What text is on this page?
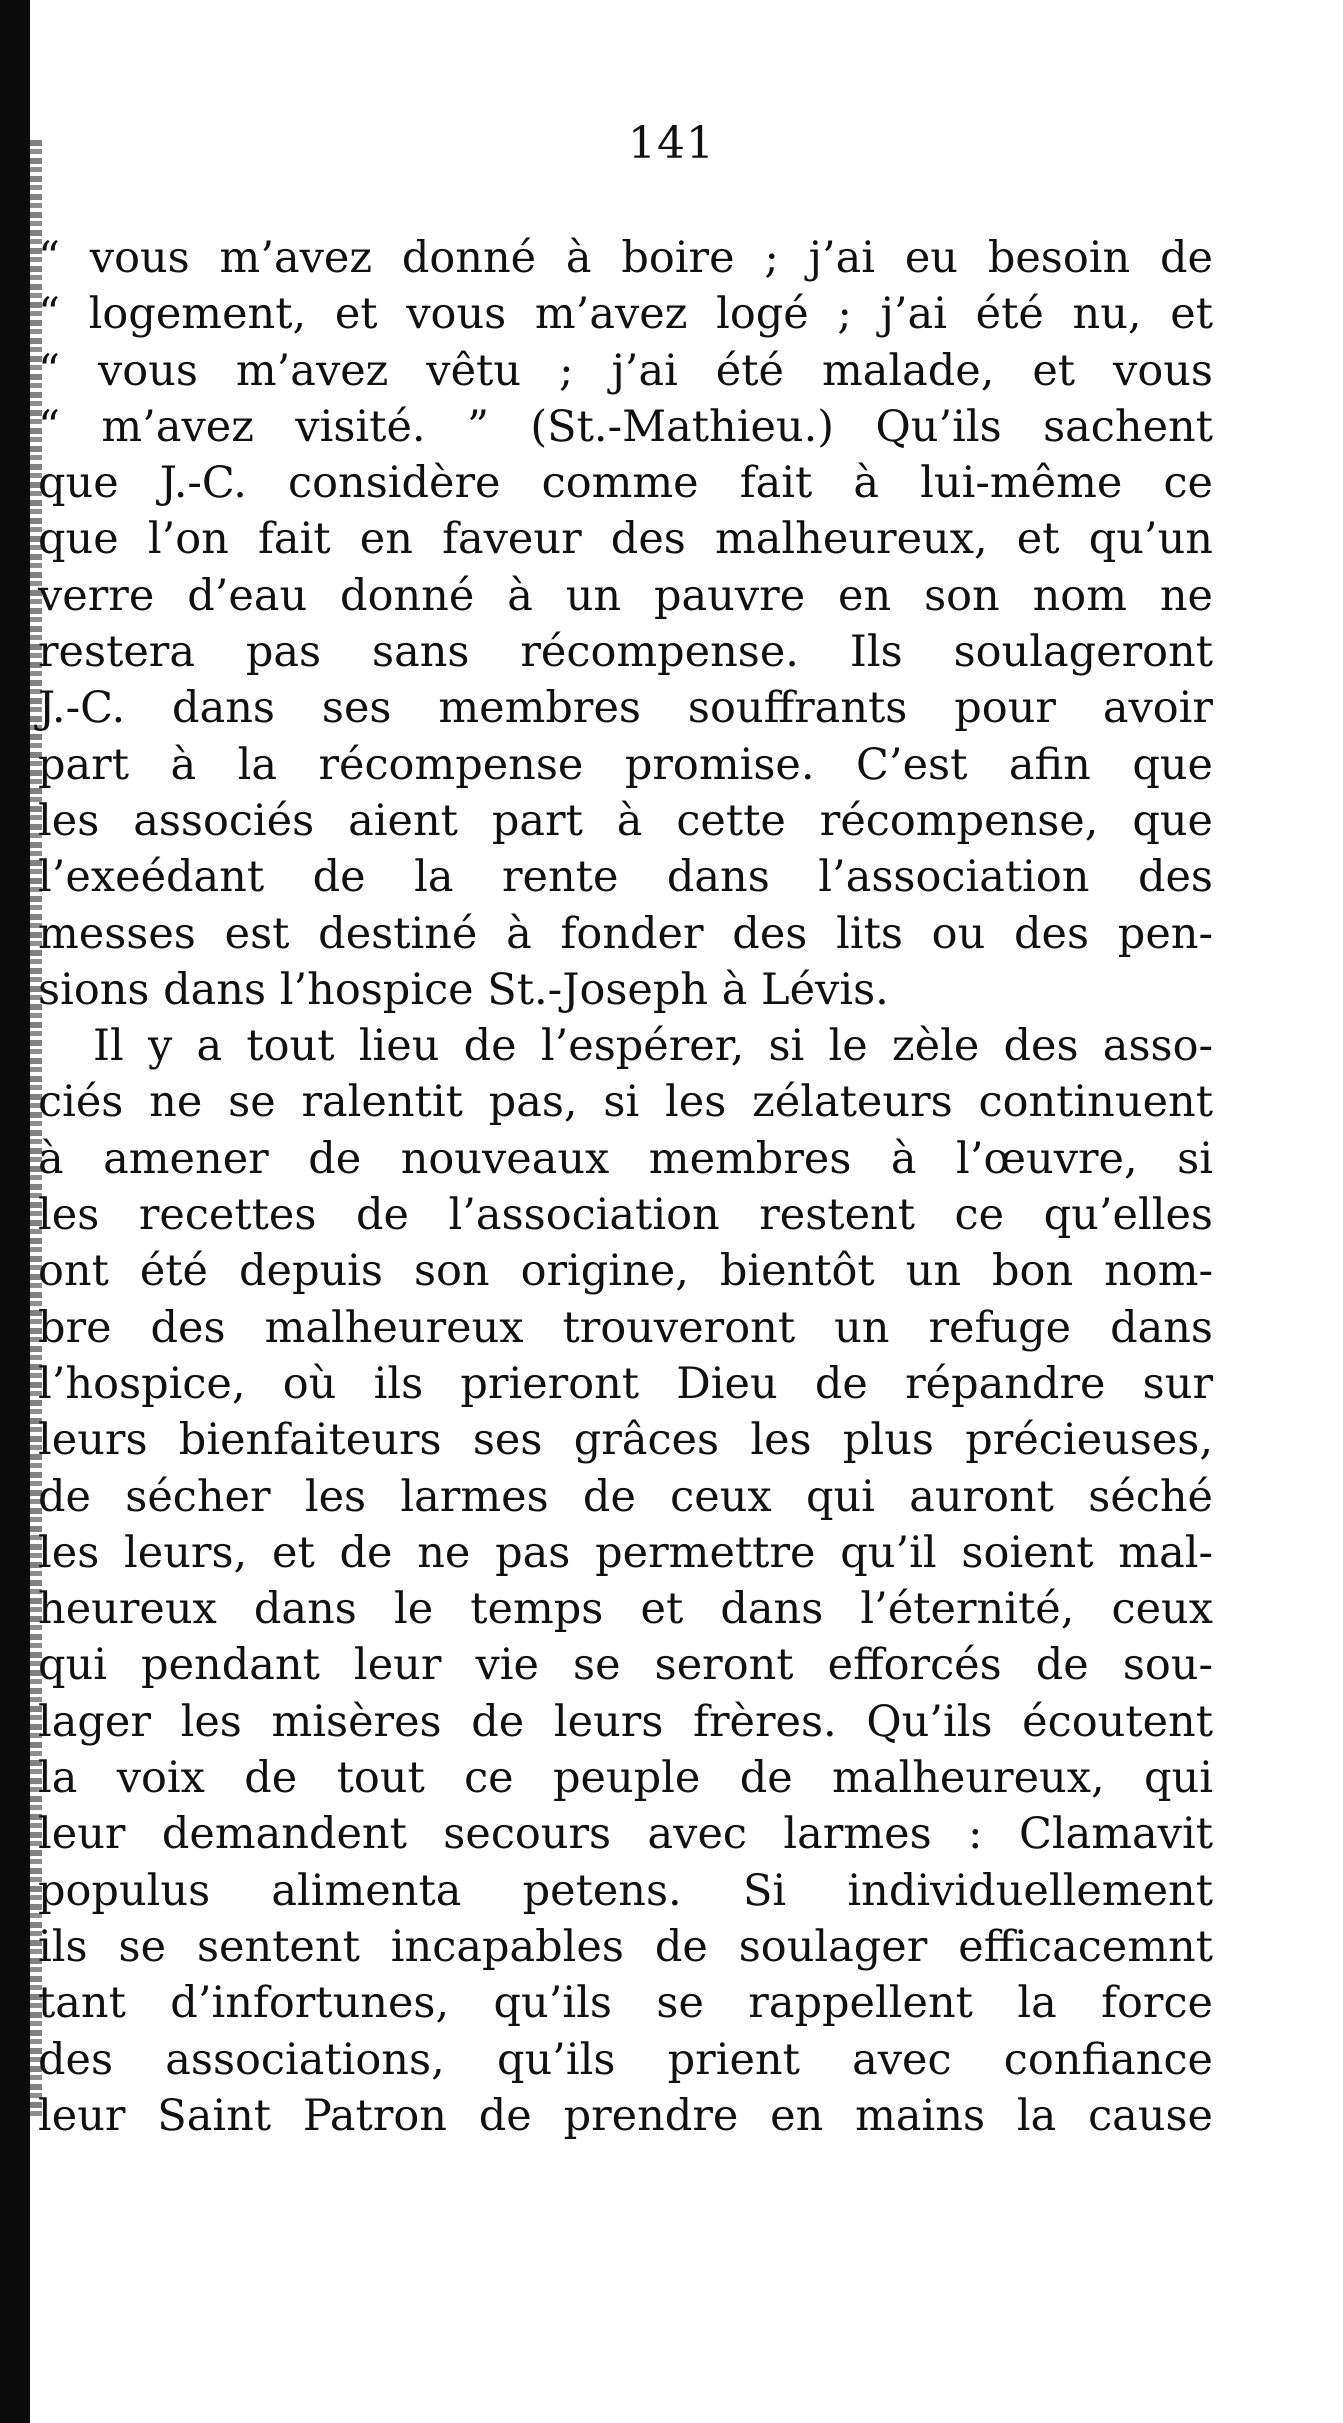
141
“ vous m’avez donné à boire ; j’ai eu besoin de
“ logement, et vous m’avez logé ; j’ai été nu, et
“ vous m’avez vêtu ; j’ai été malade, et vous
“ m’avez visité. ” (St.-Mathieu.) Qu’ils sachent
que J.-C. considère comme fait à lui-même ce
que l’on fait en faveur des malheureux, et qu’un
verre d’eau donné à un pauvre en son nom ne
restera pas sans récompense. Ils soulageront
J.-C. dans ses membres souffrants pour avoir
part à la récompense promise. C’est afin que
les associés aient part à cette récompense, que
l’exeédant de la rente dans l’association des
messes est destiné à fonder des lits ou des pen-
sions dans l’hospice St.-Joseph à Lévis.
Il y a tout lieu de l’espérer, si le zèle des asso-
ciés ne se ralentit pas, si les zélateurs continuent
à amener de nouveaux membres à l’œuvre, si
les recettes de l’association restent ce qu’elles
ont été depuis son origine, bientôt un bon nom-
bre des malheureux trouveront un refuge dans
l’hospice, où ils prieront Dieu de répandre sur
leurs bienfaiteurs ses grâces les plus précieuses,
de sécher les larmes de ceux qui auront séché
les leurs, et de ne pas permettre qu’il soient mal-
heureux dans le temps et dans l’éternité, ceux
qui pendant leur vie se seront efforcés de sou-
lager les misères de leurs frères. Qu’ils écoutent
la voix de tout ce peuple de malheureux, qui
leur demandent secours avec larmes : Clamavit
populus alimenta petens. Si individuellement
ils se sentent incapables de soulager efficacemnt
tant d’infortunes, qu’ils se rappellent la force
des associations, qu’ils prient avec confiance
leur Saint Patron de prendre en mains la cause
